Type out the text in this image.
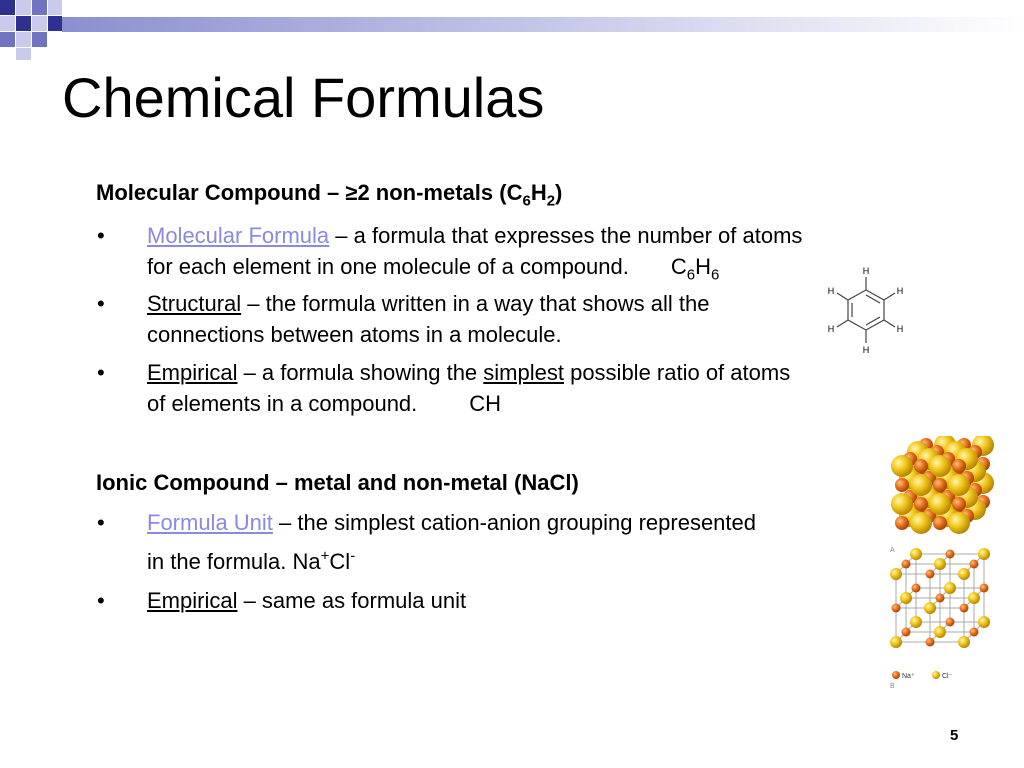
Chemical Formulas

Molecular Compound – ≥2 non-metals $(C_6H_2)$

•	Molecular Formula – a formula that expresses the number of atoms
for each element in one molecule of a compound. $C_6H_6$
•	Structural – the formula written in a way that shows all the
connections between atoms in a molecule.
•	Empirical – a formula showing the simplest possible ratio of atoms
of elements in a compound. CH

Ionic Compound – metal and non-metal (NaCl)

•	Formula Unit – the simplest cation-anion grouping represented
in the formula. Na+Cl-
•	Empirical – same as formula unit
H
H
H
H
H
H
A
Na⁺	Cl⁻
B
5
